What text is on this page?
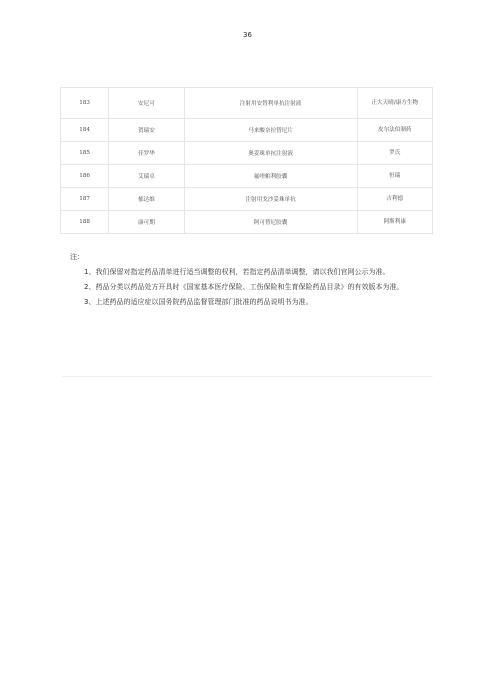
36
183	安尼可	注射用安替利单抗注射液	正大天晴/康方生物
184	贺瑞安	马来酸奈拉替尼片	皮尔法伯制药
185	佳罗华	奥妥珠单抗注射液	罗氏
186	艾瑞卓	氟喹帕利胶囊	恒瑞
187	郁达维	注射用戈沙妥珠单抗	吉利德
188	康可期	阿可替尼胶囊	阿斯利康
注：

1、我们保留对指定药品清单进行适当调整的权利，若指定药品清单调整，请以我们官网公示为准。

2、药品分类以药品处方开具时《国家基本医疗保险、工伤保险和生育保险药品目录》的有效版本为准。

3、上述药品的适应症以国务院药品监督管理部门批准的药品说明书为准。
